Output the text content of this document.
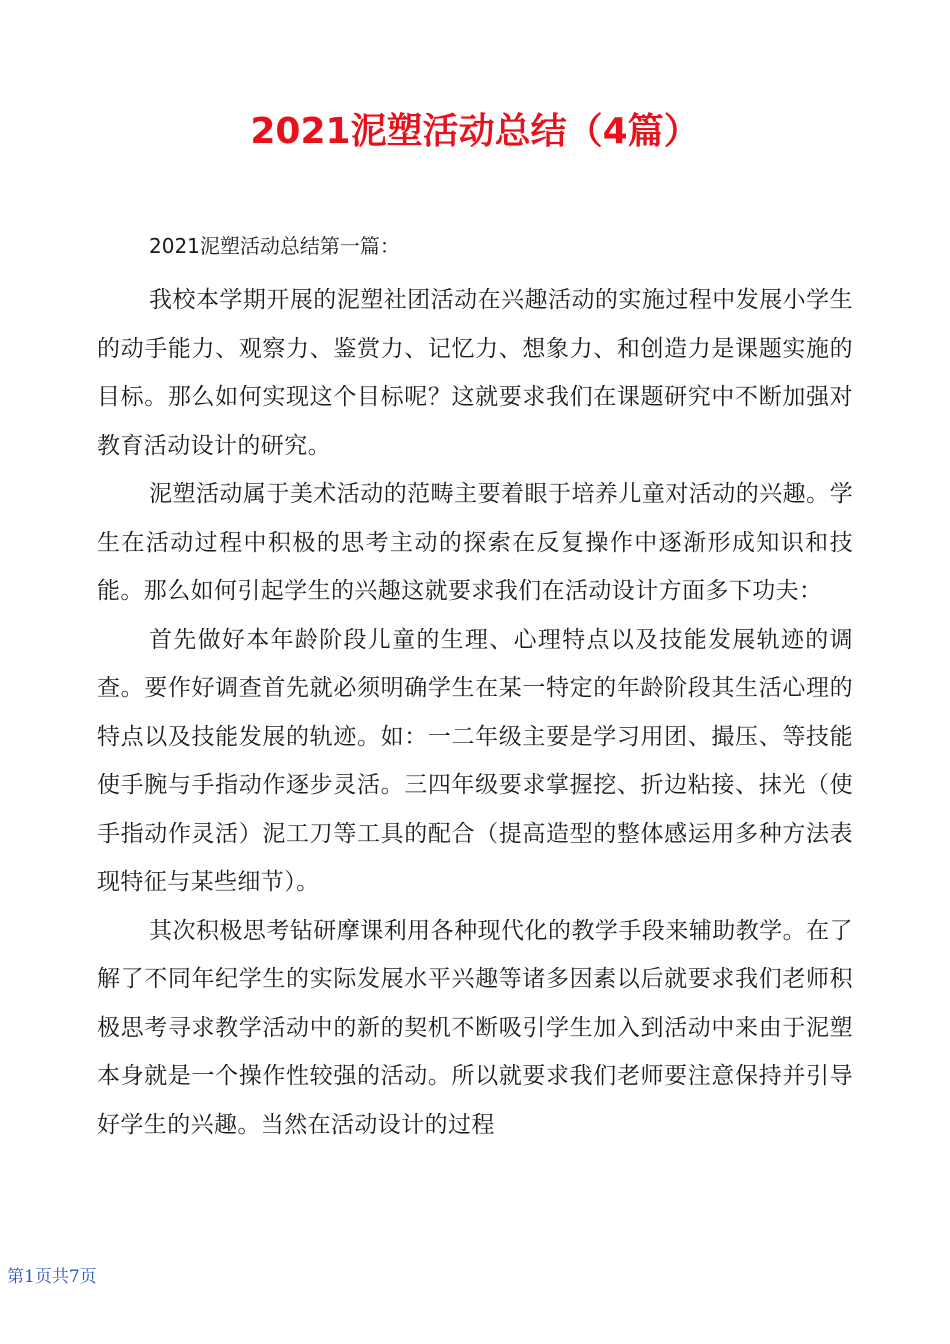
2021泥塑活动总结（4篇）

2021泥塑活动总结第一篇：

我校本学期开展的泥塑社团活动在兴趣活动的实施过程中发展小学生的动手能力、观察力、鉴赏力、记忆力、想象力、和创造力是课题实施的目标。那么如何实现这个目标呢？这就要求我们在课题研究中不断加强对教育活动设计的研究。

泥塑活动属于美术活动的范畴主要着眼于培养儿童对活动的兴趣。学生在活动过程中积极的思考主动的探索在反复操作中逐渐形成知识和技能。那么如何引起学生的兴趣这就要求我们在活动设计方面多下功夫：

首先做好本年龄阶段儿童的生理、心理特点以及技能发展轨迹的调查。要作好调查首先就必须明确学生在某一特定的年龄阶段其生活心理的特点以及技能发展的轨迹。如：一二年级主要是学习用团、撮压、等技能使手腕与手指动作逐步灵活。三四年级要求掌握挖、折边粘接、抹光（使手指动作灵活）泥工刀等工具的配合（提高造型的整体感运用多种方法表现特征与某些细节）。

其次积极思考钻研摩课利用各种现代化的教学手段来辅助教学。在了解了不同年纪学生的实际发展水平兴趣等诸多因素以后就要求我们老师积极思考寻求教学活动中的新的契机不断吸引学生加入到活动中来由于泥塑本身就是一个操作性较强的活动。所以就要求我们老师要注意保持并引导好学生的兴趣。当然在活动设计的过程

第1页共7页
